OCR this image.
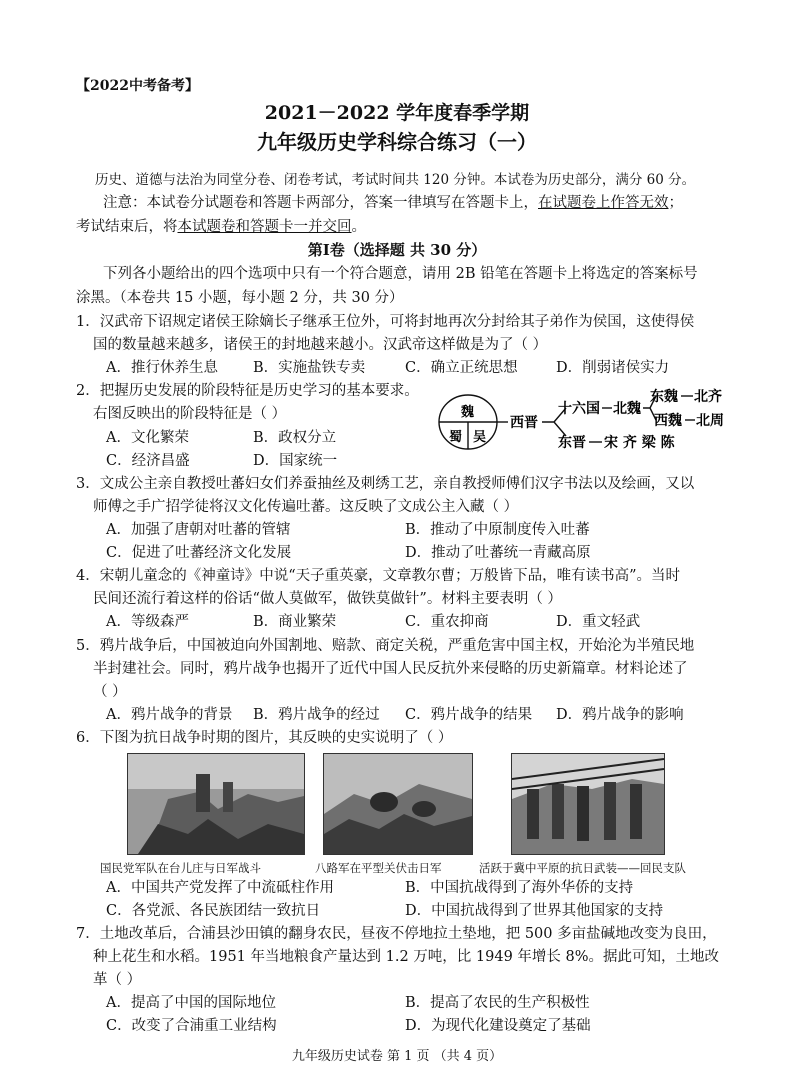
【2022中考备考】
2021－2022 学年度春季学期
九年级历史学科综合练习（一）
历史、道德与法治为同堂分卷、闭卷考试，考试时间共 120 分钟。本试卷为历史部分，满分 60 分。
注意：本试卷分试题卷和答题卡两部分，答案一律填写在答题卡上，在试题卷上作答无效；
考试结束后，将本试题卷和答题卡一并交回。
第Ⅰ卷（选择题 共 30 分）
下列各小题给出的四个选项中只有一个符合题意，请用 2B 铅笔在答题卡上将选定的答案标号
涂黑。（本卷共 15 小题，每小题 2 分，共 30 分）
1．汉武帝下诏规定诸侯王除嫡长子继承王位外，可将封地再次分封给其子弟作为侯国，这使得侯
国的数量越来越多，诸侯王的封地越来越小。汉武帝这样做是为了（ ）
A．推行休养生息 B．实施盐铁专卖	C．确立正统思想	D．削弱诸侯实力
2．把握历史发展的阶段特征是历史学习的基本要求。
右图反映出的阶段特征是（ ）
A．文化繁荣	B．政权分立
C．经济昌盛	D．国家统一
魏
蜀 吴
西晋
十六国 北魏
东魏 北齐
西魏 北周
东晋 宋 齐 梁 陈
3．文成公主亲自教授吐蕃妇女们养蚕抽丝及刺绣工艺，亲自教授师傅们汉字书法以及绘画，又以
师傅之手广招学徒将汉文化传遍吐蕃。这反映了文成公主入藏（ ）
A．加强了唐朝对吐蕃的管辖	B．推动了中原制度传入吐蕃
C．促进了吐蕃经济文化发展	D．推动了吐蕃统一青藏高原
4．宋朝儿童念的《神童诗》中说“天子重英豪，文章教尔曹；万般皆下品，唯有读书高”。当时
民间还流行着这样的俗话“做人莫做军，做铁莫做针”。材料主要表明（ ）
A．等级森严	B．商业繁荣	C．重农抑商	D．重文轻武
5．鸦片战争后，中国被迫向外国割地、赔款、商定关税，严重危害中国主权，开始沦为半殖民地
半封建社会。同时，鸦片战争也揭开了近代中国人民反抗外来侵略的历史新篇章。材料论述了
（ ）
A．鸦片战争的背景 B．鸦片战争的经过 C．鸦片战争的结果 D．鸦片战争的影响
6．下图为抗日战争时期的图片，其反映的史实说明了（ ）
国民党军队在台儿庄与日军战斗	八路军在平型关伏击日军	活跃于冀中平原的抗日武装——回民支队
A．中国共产党发挥了中流砥柱作用	B．中国抗战得到了海外华侨的支持
C．各党派、各民族团结一致抗日	D．中国抗战得到了世界其他国家的支持
7．土地改革后，合浦县沙田镇的翻身农民，昼夜不停地拉土垫地，把 500 多亩盐碱地改变为良田，
种上花生和水稻。1951 年当地粮食产量达到 1.2 万吨，比 1949 年增长 8%。据此可知，土地改
革（ ）
A．提高了中国的国际地位	B．提高了农民的生产积极性
C．改变了合浦重工业结构	D．为现代化建设奠定了基础
九年级历史试卷 第 1 页 （共 4 页）
